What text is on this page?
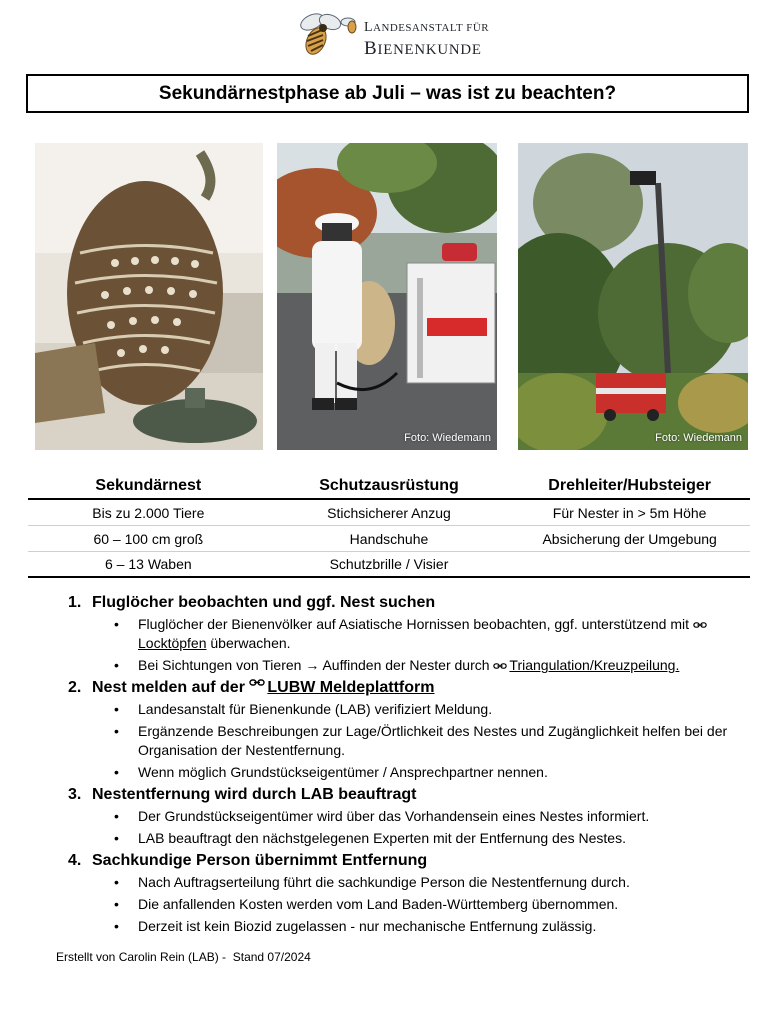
LANDESANSTALT FÜR
BIENENKUNDE
Sekundärnestphase ab Juli – was ist zu beachten?
Foto: Wiedemann	Foto: Wiedemann
Sekundärnest	Schutzausrüstung	Drehleiter/Hubsteiger
Bis zu 2.000 Tiere	Stichsicherer Anzug	Für Nester in > 5m Höhe
60 – 100 cm groß	Handschuhe	Absicherung der Umgebung
6 – 13 Waben	Schutzbrille / Visier
1. Fluglöcher beobachten und ggf. Nest suchen
• Fluglöcher der Bienenvölker auf Asiatische Hornissen beobachten, ggf. unterstützend mit Locktöpfen überwachen.
• Bei Sichtungen von Tieren → Auffinden der Nester durch Triangulation/Kreuzpeilung.
2. Nest melden auf der LUBW Meldeplattform
• Landesanstalt für Bienenkunde (LAB) verifiziert Meldung.
• Ergänzende Beschreibungen zur Lage/Örtlichkeit des Nestes und Zugänglichkeit helfen bei der Organisation der Nestentfernung.
• Wenn möglich Grundstückseigentümer / Ansprechpartner nennen.
3. Nestentfernung wird durch LAB beauftragt
• Der Grundstückseigentümer wird über das Vorhandensein eines Nestes informiert.
• LAB beauftragt den nächstgelegenen Experten mit der Entfernung des Nestes.
4. Sachkundige Person übernimmt Entfernung
• Nach Auftragserteilung führt die sachkundige Person die Nestentfernung durch.
• Die anfallenden Kosten werden vom Land Baden-Württemberg übernommen.
• Derzeit ist kein Biozid zugelassen - nur mechanische Entfernung zulässig.
Erstellt von Carolin Rein (LAB) -  Stand 07/2024
